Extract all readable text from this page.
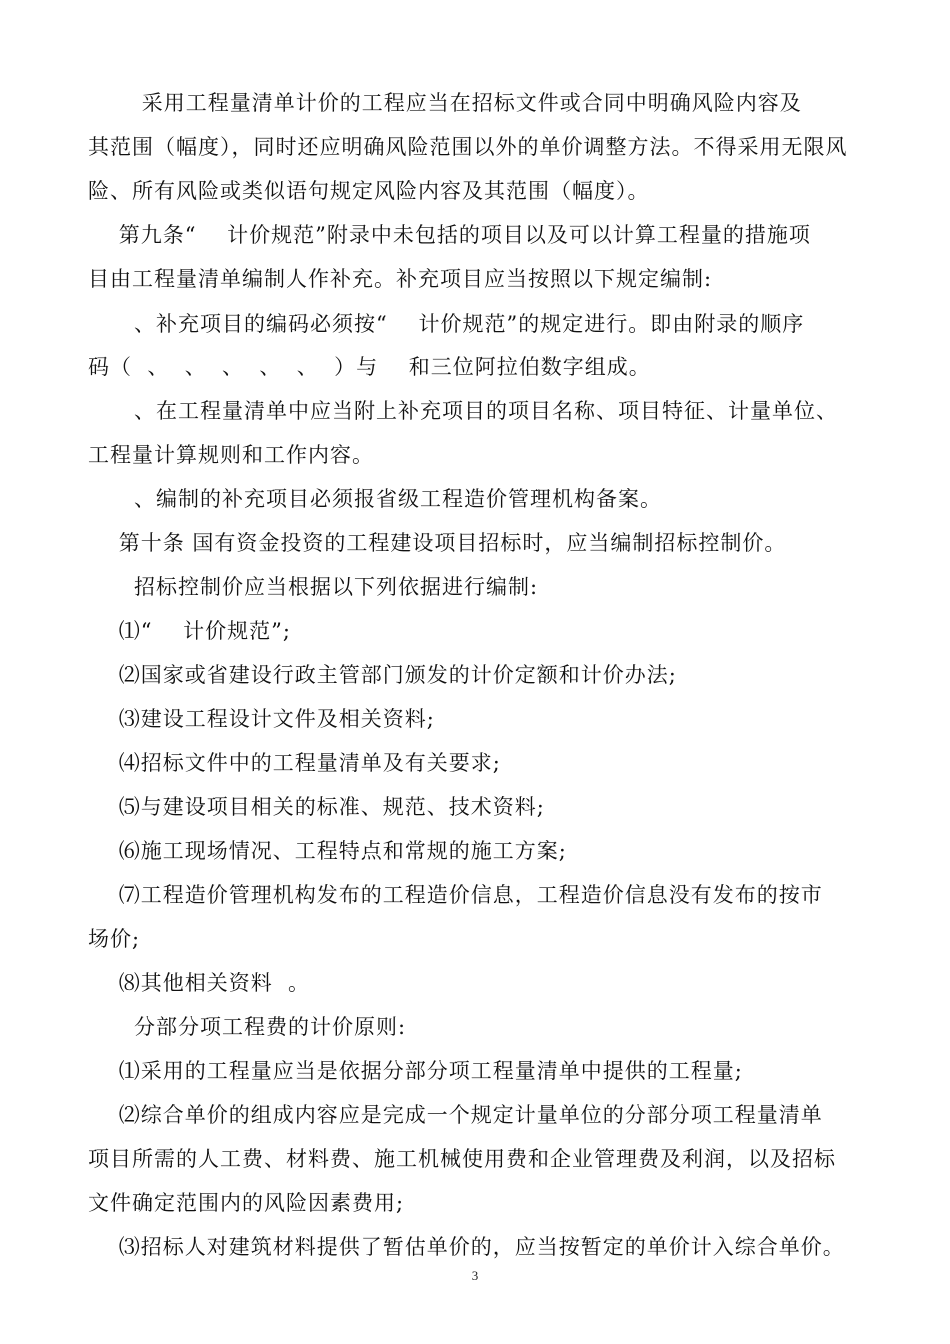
采用工程量清单计价的工程应当在招标文件或合同中明确风险内容及
其范围（幅度），同时还应明确风险范围以外的单价调整方法。不得采用无限风
险、所有风险或类似语句规定风险内容及其范围（幅度）。
第九条“    计价规范”附录中未包括的项目以及可以计算工程量的措施项
目由工程量清单编制人作补充。补充项目应当按照以下规定编制:
、补充项目的编码必须按“    计价规范”的规定进行。即由附录的顺序
码（  、  、  、  、  、  ）与    和三位阿拉伯数字组成。
、在工程量清单中应当附上补充项目的项目名称、项目特征、计量单位、
工程量计算规则和工作内容。
、编制的补充项目必须报省级工程造价管理机构备案。
第十条 国有资金投资的工程建设项目招标时，应当编制招标控制价。
招标控制价应当根据以下列依据进行编制:
⑴“    计价规范”;
⑵国家或省建设行政主管部门颁发的计价定额和计价办法;
⑶建设工程设计文件及相关资料;
⑷招标文件中的工程量清单及有关要求;
⑸与建设项目相关的标准、规范、技术资料;
⑹施工现场情况、工程特点和常规的施工方案;
⑺工程造价管理机构发布的工程造价信息，工程造价信息没有发布的按市
场价;
⑻其他相关资料  。
分部分项工程费的计价原则:
⑴采用的工程量应当是依据分部分项工程量清单中提供的工程量;
⑵综合单价的组成内容应是完成一个规定计量单位的分部分项工程量清单
项目所需的人工费、材料费、施工机械使用费和企业管理费及利润，以及招标
文件确定范围内的风险因素费用;
⑶招标人对建筑材料提供了暂估单价的，应当按暂定的单价计入综合单价。
3
